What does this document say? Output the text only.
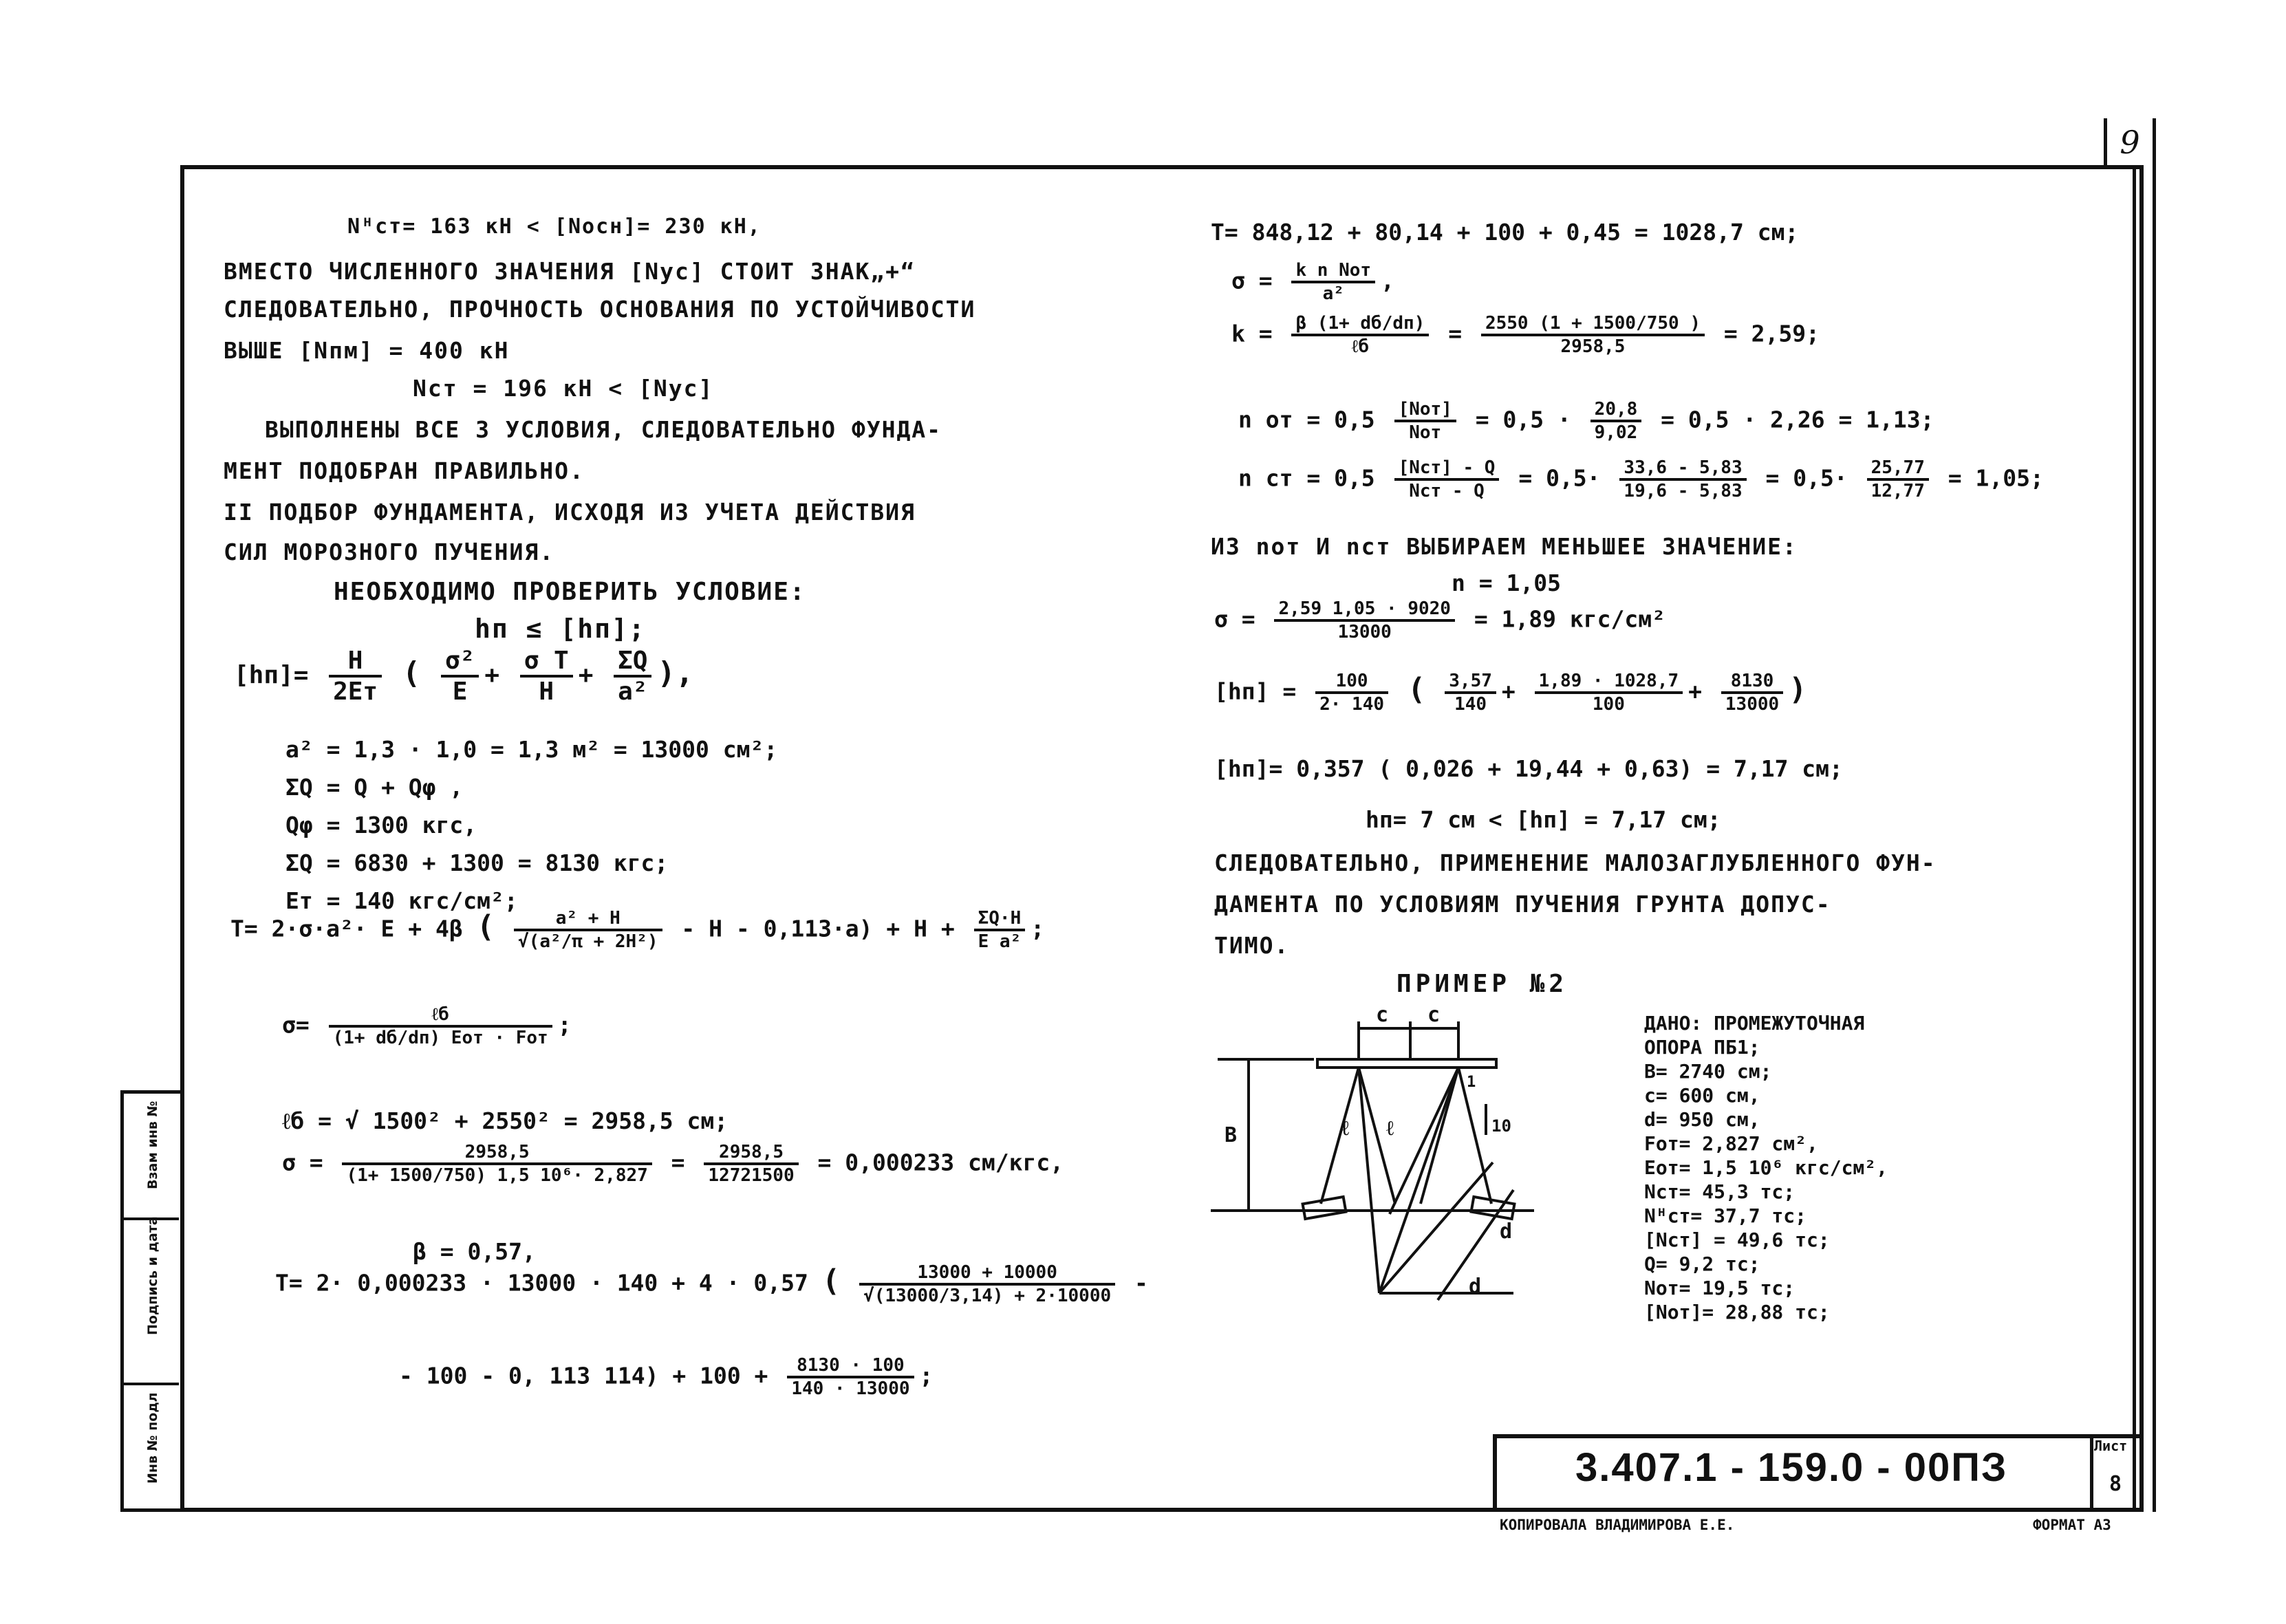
9
Взам инв №
Подпись и дата
Инв № подл
Nᴴст= 163 кН < [Nосн]= 230 кН,
ВМЕСТО ЧИСЛЕННОГО ЗНАЧЕНИЯ [Nус] СТОИТ ЗНАК„+“
СЛЕДОВАТЕЛЬНО, ПРОЧНОСТЬ ОСНОВАНИЯ ПО УСТОЙЧИВОСТИ
ВЫШЕ [Nпм] = 400 кН
Nст = 196 кН < [Nус]
ВЫПОЛНЕНЫ ВСЕ 3 УСЛОВИЯ, СЛЕДОВАТЕЛЬНО ФУНДА-
МЕНТ ПОДОБРАН ПРАВИЛЬНО.
II ПОДБОР ФУНДАМЕНТА, ИСХОДЯ ИЗ УЧЕТА ДЕЙСТВИЯ
СИЛ МОРОЗНОГО ПУЧЕНИЯ.
НЕОБХОДИМО ПРОВЕРИТЬ УСЛОВИЕ:
hп ≤ [hп];
$[hп]= \frac{H}{2Eт}$ ( $\frac{\text{σ²}}{E} + \frac{\text{σ T}}{H} + \frac{\Sigma Q}{\text{a²}}$ ),
a² = 1,3 · 1,0 = 1,3 м² = 13000 см²;
ΣQ = Q + Qφ ,
Qφ = 1300 кгс,
ΣQ = 6830 + 1300 = 8130 кгс;
Eт = 140 кгс/см²;
T= 2·σ·a²· E + 4β ( $\frac{\text{a² + H}}{\text{√(a²/π + 2H²)}} - H - 0,113\cdot a) + H + \frac{\Sigma Q\cdot H}{\text{E a²}}$ ;
$\sigma= \frac{\text{ℓб}}{\text{(1+ dб/dп) Eот · Fот}}$ ;
ℓб = √ 1500² + 2550² = 2958,5 см;
$\sigma = \frac{2958,5}{\text{(1+ 1500/750) 1,5 10⁶· 2,827}} = \frac{2958,5}{12721500} = 0,000233$ см/кгс,
β = 0,57,
T= 2· 0,000233 · 13000 · 140 + 4 · 0,57 ( $\frac{13000 + 10000}{√(13000/3,14) + 2\cdot 10000}$ -
- 100 - 0, 113 $114) + 100 + \frac{8130 \cdot 100}{140 \cdot 13000}$ ;
T= 848,12 + 80,14 + 100 + 0,45 = 1028,7 см;
$\sigma = \frac{\text{k n Nот}}{\text{a²}}$ ,
$k = \frac{\beta (1+ dб/dп)}{\text{ℓб}} = \frac{2550 (1 + 1500/750 )}{2958,5} = 2,59$;
n от = $0,5 \frac{\text{[Nот]}}{\text{Nот}} = 0,5 \cdot \frac{20,8}{9,02} = 0,5 \cdot 2,26 = 1,13$;
n ст = $0,5 \frac{\text{[Nст] - Q}}{\text{Nст - Q}} = 0,5\cdot \frac{33,6 - 5,83}{19,6 - 5,83} = 0,5\cdot \frac{25,77}{12,77} = 1,05$;
ИЗ nот И nст ВЫБИРАЕМ МЕНЬШЕЕ ЗНАЧЕНИЕ:
n = 1,05
$\sigma = \frac{2,59 1,05 \cdot 9020}{13000} = 1,89$ кгс/см²
$[hп] = \frac{100}{2\cdot 140}$ ( $\frac{3,57}{140} + \frac{1,89 \cdot 1028,7}{100} + \frac{8130}{13000}$ )
[hп]= 0,357 ( 0,026 + 19,44 + 0,63) = 7,17 см;
hп= 7 см < [hп] = 7,17 см;
СЛЕДОВАТЕЛЬНО, ПРИМЕНЕНИЕ МАЛОЗАГЛУБЛЕННОГО ФУН-
ДАМЕНТА ПО УСЛОВИЯМ ПУЧЕНИЯ ГРУНТА ДОПУС-
ТИМО.
ПРИМЕР №2
ДАНО: ПРОМЕЖУТОЧНАЯ
ОПОРА ПБ1;
В= 2740 см;
с= 600 см,
d= 950 см,
Fот= 2,827 см²,
Eот= 1,5 10⁶ кгс/см²,
Nст= 45,3 тс;
Nᴴст= 37,7 тс;
[Nст] = 49,6 тс;
Q= 9,2 тс;
Nот= 19,5 тс;
[Nот]= 28,88 тс;
с с
В
d
d
ℓ ℓ	10
1
3.407.1 - 159.0 - 00ПЗ	Лист
8
КОПИРОВАЛА ВЛАДИМИРОВА Е.Е.	ФОРМАТ А3
